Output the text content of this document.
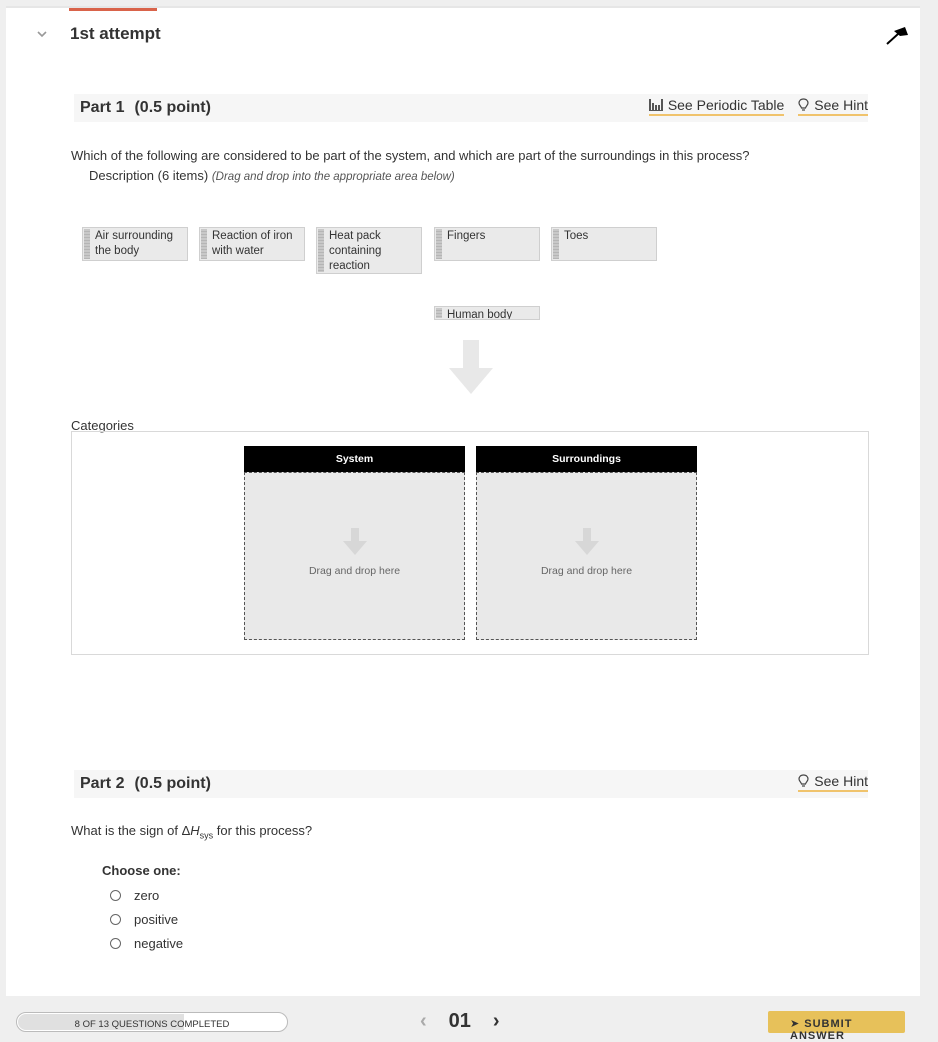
1st attempt
Part 1 (0.5 point)	See Periodic Table See Hint
Which of the following are considered to be part of the system, and which are part of the surroundings in this process?
Description (6 items) (Drag and drop into the appropriate area below)
Air surrounding the body
Reaction of iron with water
Heat pack containing reaction
Fingers	Toes
Human body
Categories
System
Drag and drop here
Surroundings
Drag and drop here
Part 2 (0.5 point)	See Hint
What is the sign of $\Delta H_{sys}$ for this process?
Choose one:
zero
positive
negative
8 OF 13 QUESTIONS COMPLETED	‹ 01 ›	➤ SUBMIT ANSWER
